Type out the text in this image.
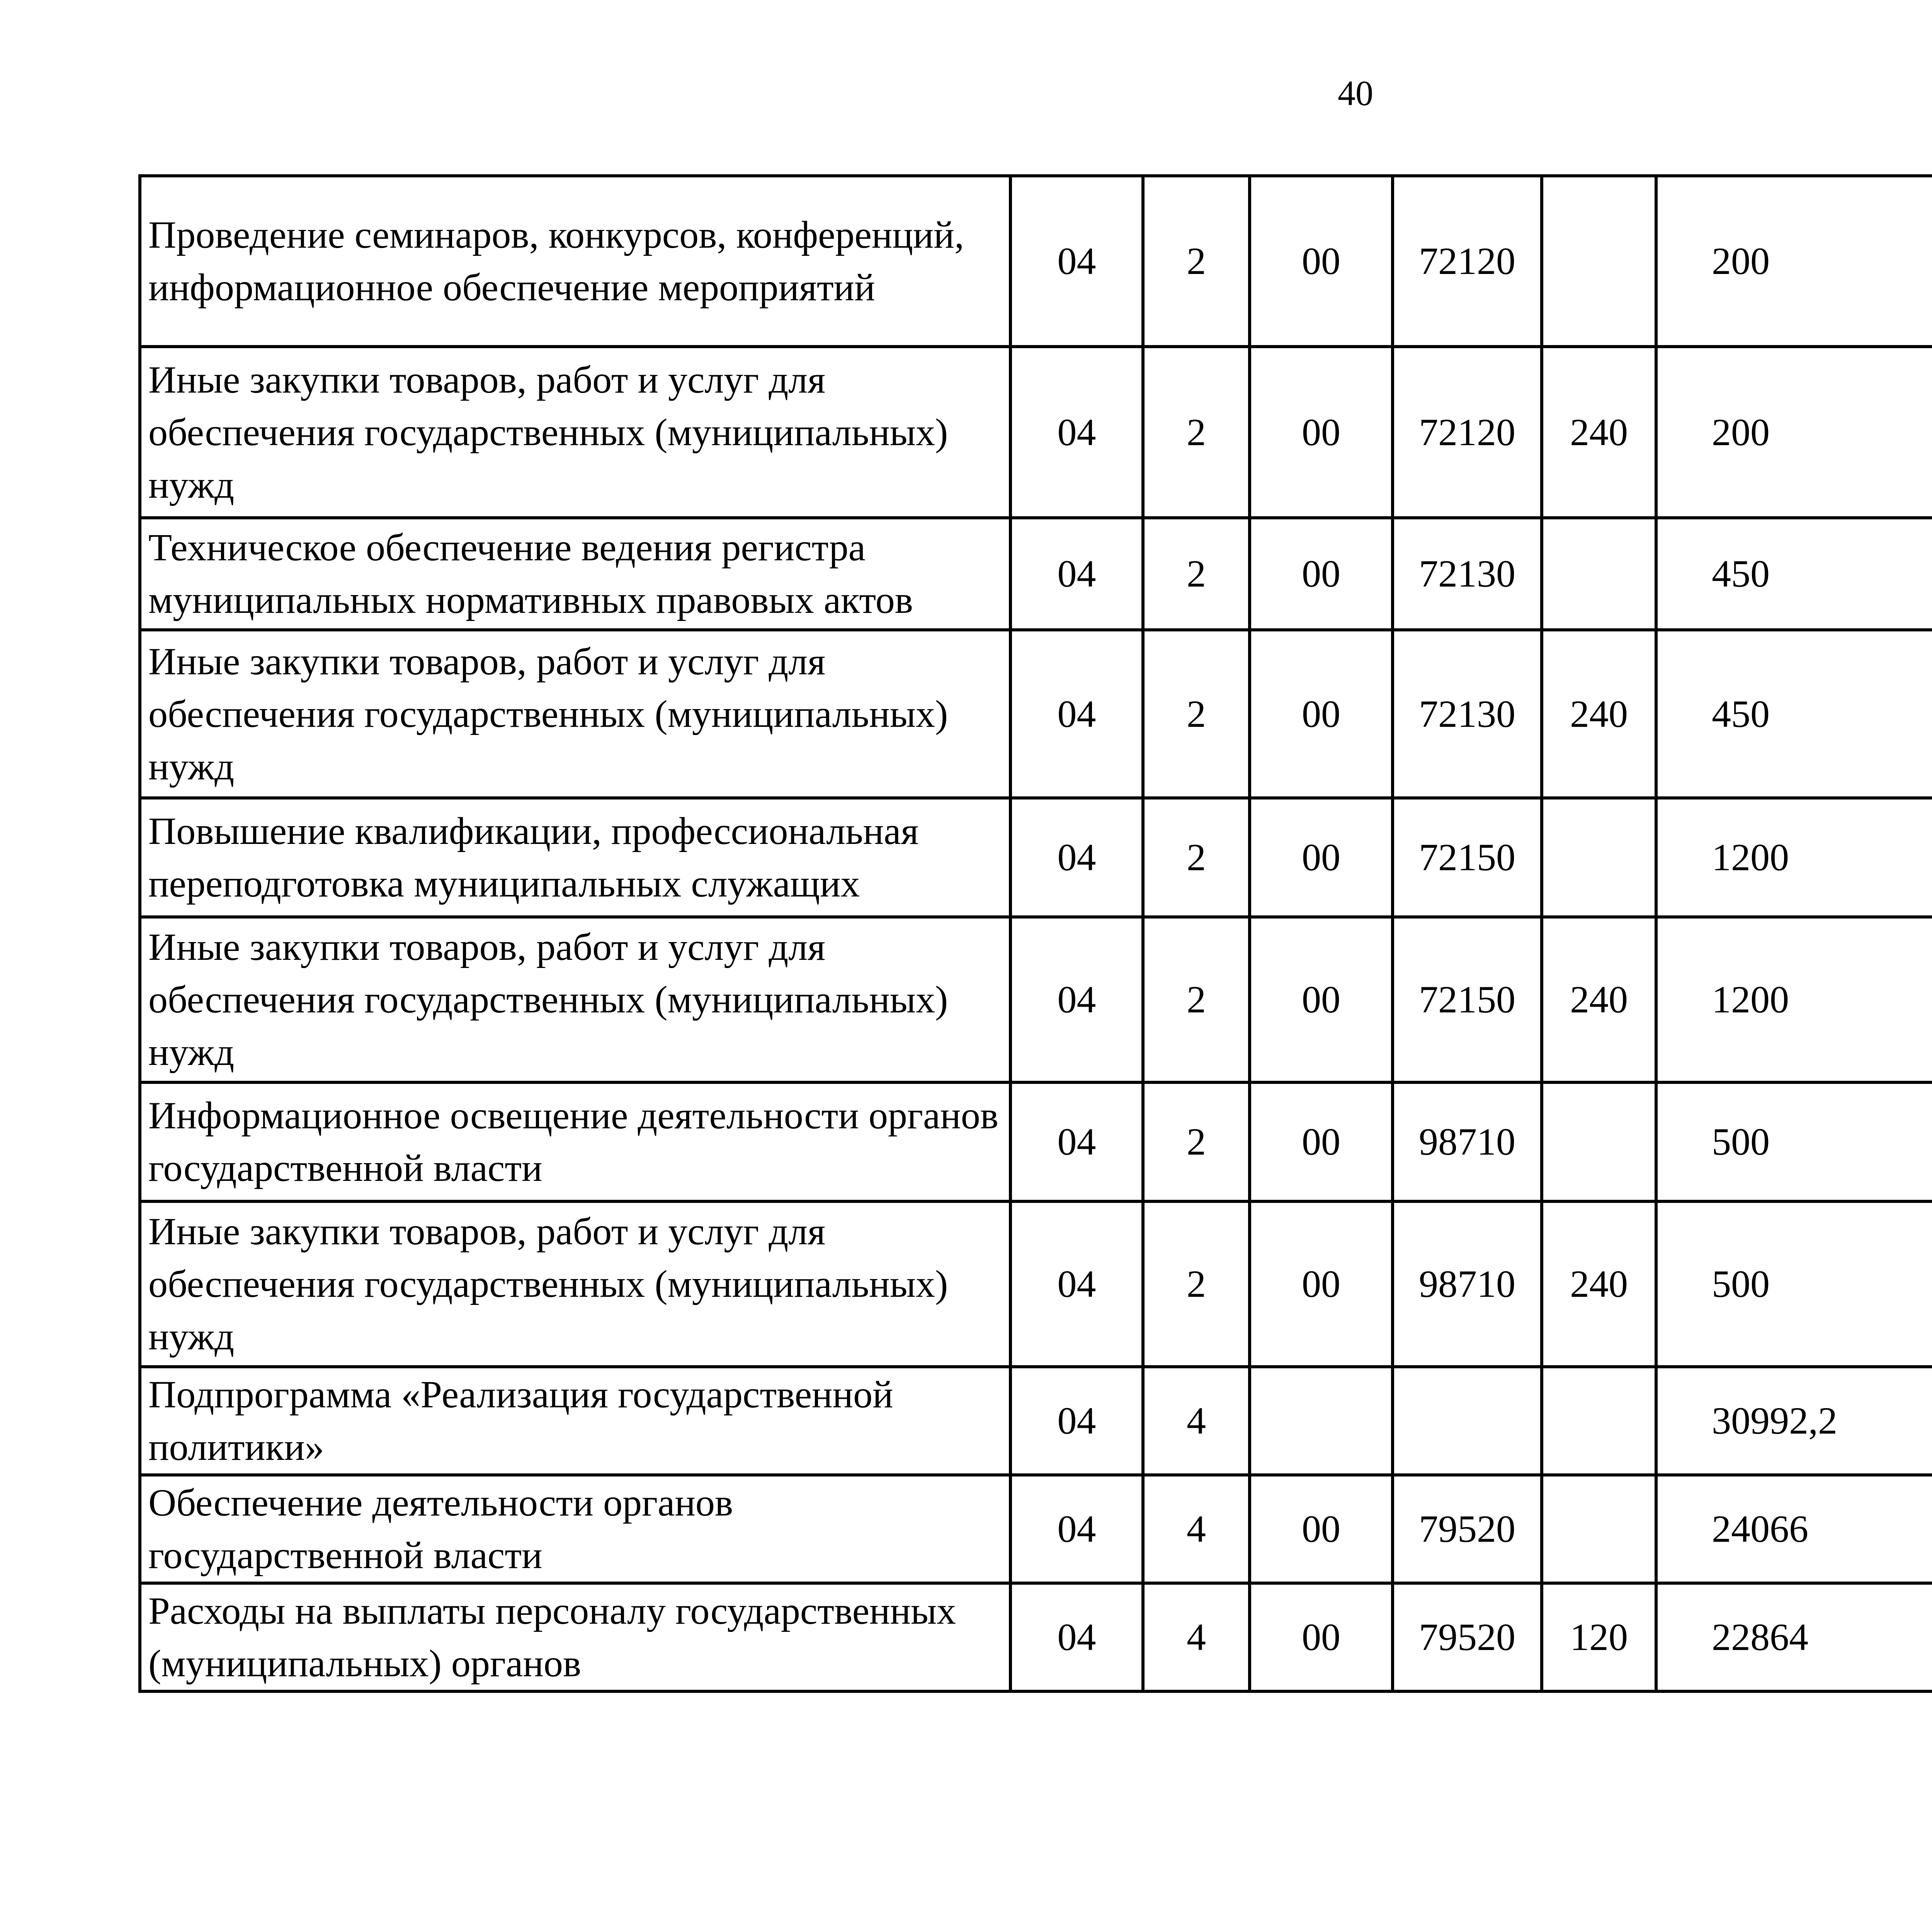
40
Проведение семинаров, конкурсов, конференций, информационное обеспечение мероприятий	04	2	00	72120		200		
Иные закупки товаров, работ и услуг для обеспечения государственных (муниципальных) нужд	04	2	00	72120	240	200		
Техническое обеспечение ведения регистра муниципальных нормативных правовых актов	04	2	00	72130		450		
Иные закупки товаров, работ и услуг для обеспечения государственных (муниципальных) нужд	04	2	00	72130	240	450		
Повышение квалификации, профессиональная переподготовка муниципальных служащих	04	2	00	72150		1200		
Иные закупки товаров, работ и услуг для обеспечения государственных (муниципальных) нужд	04	2	00	72150	240	1200		
Информационное освещение деятельности органов государственной власти	04	2	00	98710		500		
Иные закупки товаров, работ и услуг для обеспечения государственных (муниципальных) нужд	04	2	00	98710	240	500		
Подпрограмма «Реализация государственной политики»	04	4				30992,2		
Обеспечение деятельности органов государственной власти	04	4	00	79520		24066		
Расходы на выплаты персоналу государственных (муниципальных) органов	04	4	00	79520	120	22864		
